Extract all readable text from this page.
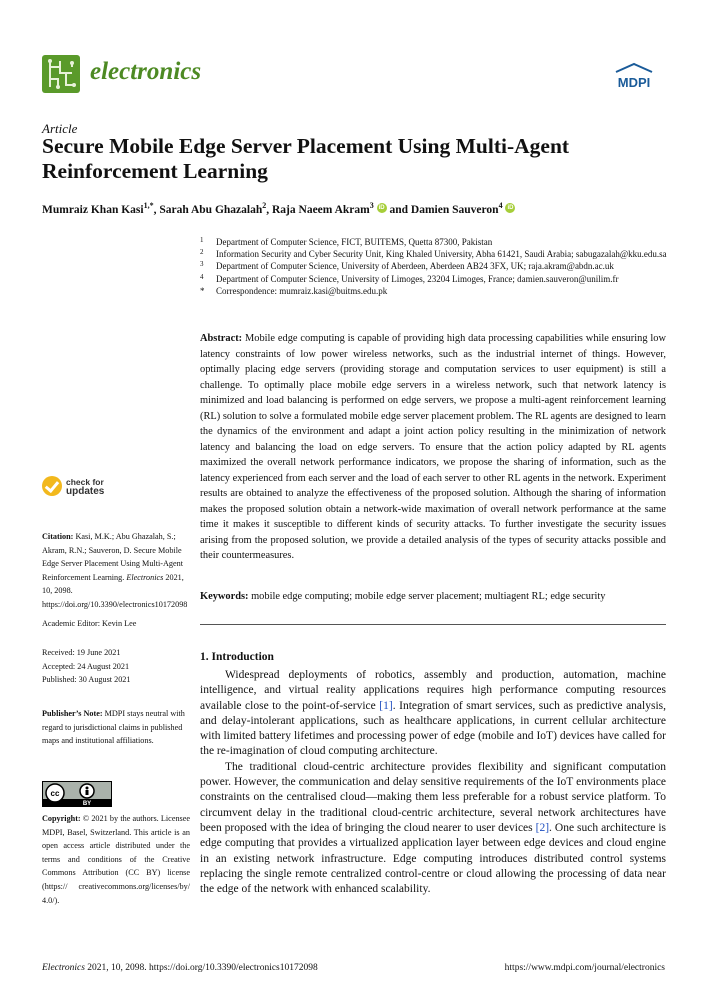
electronics	MDPI
Article
Secure Mobile Edge Server Placement Using Multi-Agent Reinforcement Learning
Mumraiz Khan Kasi$^{1,*}$, Sarah Abu Ghazalah$^2$, Raja Naeem Akram$^3$ iD and Damien Sauveron$^4$ iD
1 Department of Computer Science, FICT, BUITEMS, Quetta 87300, Pakistan
2 Information Security and Cyber Security Unit, King Khaled University, Abha 61421, Saudi Arabia; sabugazalah@kku.edu.sa
3 Department of Computer Science, University of Aberdeen, Aberdeen AB24 3FX, UK; raja.akram@abdn.ac.uk
4 Department of Computer Science, University of Limoges, 23204 Limoges, France; damien.sauveron@unilim.fr
* Correspondence: mumraiz.kasi@buitms.edu.pk
Abstract: Mobile edge computing is capable of providing high data processing capabilities while ensuring low latency constraints of low power wireless networks, such as the industrial internet of things. However, optimally placing edge servers (providing storage and computation services to user equipment) is still a challenge. To optimally place mobile edge servers in a wireless network, such that network latency is minimized and load balancing is performed on edge servers, we propose a multi-agent reinforcement learning (RL) solution to solve a formulated mobile edge server placement problem. The RL agents are designed to learn the dynamics of the environment and adapt a joint action policy resulting in the minimization of network latency and balancing the load on edge servers. To ensure that the action policy adapted by RL agents maximized the overall network performance indicators, we propose the sharing of information, such as the latency experienced from each server and the load of each server to other RL agents in the network. Experiment results are obtained to analyze the effectiveness of the proposed solution. Although the sharing of information makes the proposed solution obtain a network-wide maximation of overall network performance at the same time it makes it susceptible to different kinds of security attacks. To further investigate the security issues arising from the proposed solution, we provide a detailed analysis of the types of security attacks possible and their countermeasures.
Keywords: mobile edge computing; mobile edge server placement; multiagent RL; edge security
check for
updates
Citation: Kasi, M.K.; Abu Ghazalah, S.; Akram, R.N.; Sauveron, D. Secure Mobile Edge Server Placement Using Multi-Agent Reinforcement Learning. Electronics 2021, 10, 2098. https://doi.org/10.3390/electronics10172098
Academic Editor: Kevin Lee
Received: 19 June 2021
Accepted: 24 August 2021
Published: 30 August 2021
Publisher’s Note: MDPI stays neutral with regard to jurisdictional claims in published maps and institutional affiliations.
cc
BY
Copyright: © 2021 by the authors. Licensee MDPI, Basel, Switzerland. This article is an open access article distributed under the terms and conditions of the Creative Commons Attribution (CC BY) license (https:// creativecommons.org/licenses/by/ 4.0/).
1. Introduction

Widespread deployments of robotics, assembly and production, automation, machine intelligence, and virtual reality applications requires high performance computing resources available close to the point-of-service [1]. Integration of smart services, such as predictive analysis, and delay-intolerant applications, such as healthcare applications, in current cellular architecture with limited battery lifetimes and processing power of edge (mobile and IoT) devices have called for the re-imagination of cloud computing architecture.

The traditional cloud-centric architecture provides flexibility and significant computation power. However, the communication and delay sensitive requirements of the IoT environments place constraints on the centralised cloud—making them less preferable for a robust service platform. To circumvent delay in the traditional cloud-centric architecture, several network architectures have been proposed with the idea of bringing the cloud nearer to user devices [2]. One such architecture is edge computing that provides a virtualized application layer between edge devices and cloud engine in an existing network infrastructure. Edge computing introduces distributed control systems replacing the single remote centralized control-centre or cloud allowing the processing of data near the edge of the network with enhanced scalability.

Electronics 2021, 10, 2098. https://doi.org/10.3390/electronics10172098	https://www.mdpi.com/journal/electronics
